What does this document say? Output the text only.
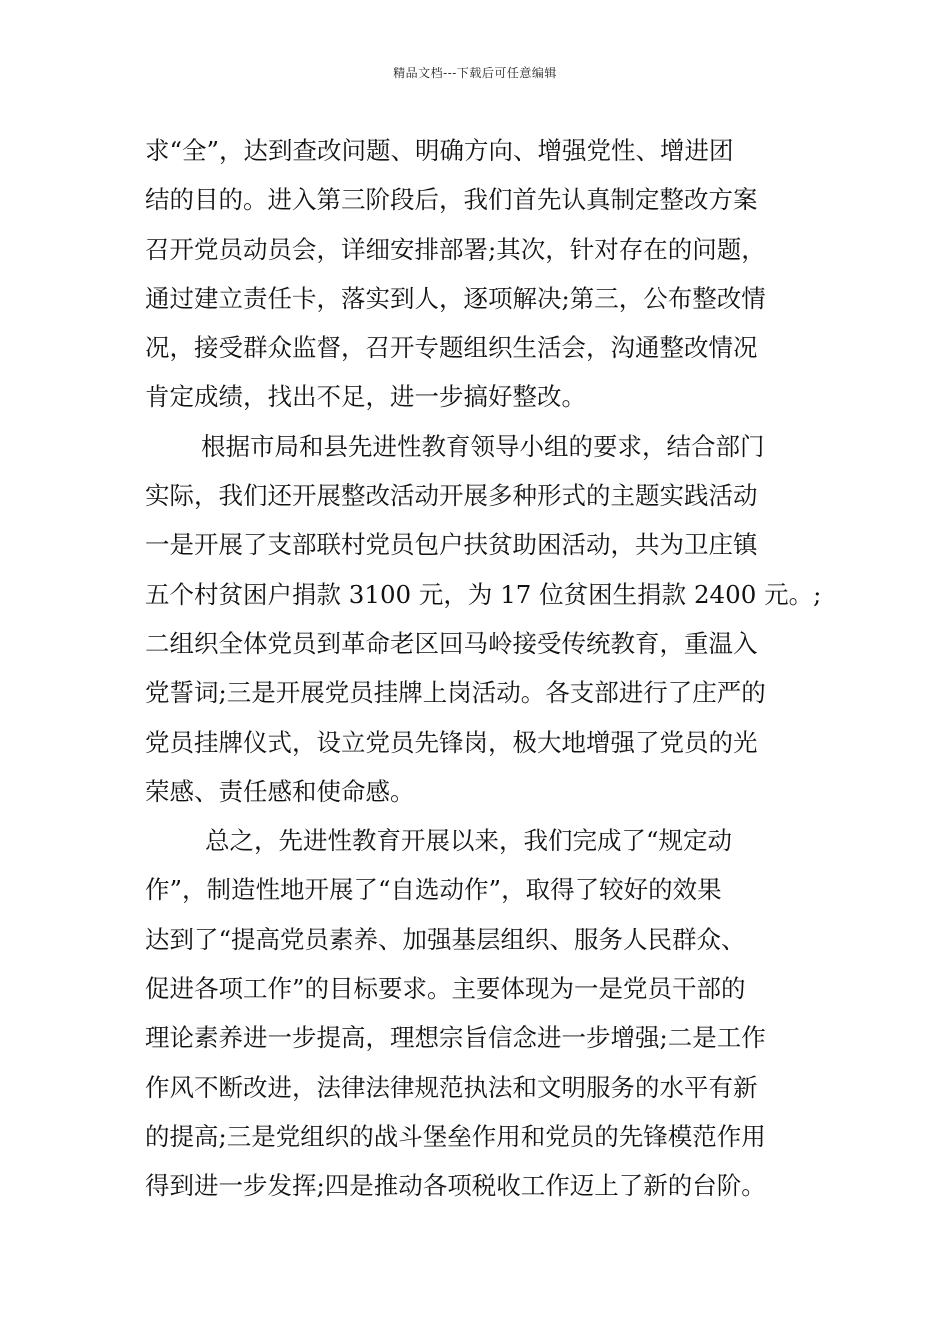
精品文档---下载后可任意编辑
求“全”，达到查改问题、明确方向、增强党性、增进团
结的目的。进入第三阶段后，我们首先认真制定整改方案
召开党员动员会，详细安排部署;其次，针对存在的问题，
通过建立责任卡，落实到人，逐项解决;第三，公布整改情
况，接受群众监督，召开专题组织生活会，沟通整改情况
肯定成绩，找出不足，进一步搞好整改。
根据市局和县先进性教育领导小组的要求，结合部门
实际，我们还开展整改活动开展多种形式的主题实践活动
一是开展了支部联村党员包户扶贫助困活动，共为卫庄镇
五个村贫困户捐款 3100 元，为 17 位贫困生捐款 2400 元。;
二组织全体党员到革命老区回马岭接受传统教育，重温入
党誓词;三是开展党员挂牌上岗活动。各支部进行了庄严的
党员挂牌仪式，设立党员先锋岗，极大地增强了党员的光
荣感、责任感和使命感。
总之，先进性教育开展以来，我们完成了“规定动
作”，制造性地开展了“自选动作”，取得了较好的效果
达到了“提高党员素养、加强基层组织、服务人民群众、
促进各项工作”的目标要求。主要体现为一是党员干部的
理论素养进一步提高，理想宗旨信念进一步增强;二是工作
作风不断改进，法律法律规范执法和文明服务的水平有新
的提高;三是党组织的战斗堡垒作用和党员的先锋模范作用
得到进一步发挥;四是推动各项税收工作迈上了新的台阶。
